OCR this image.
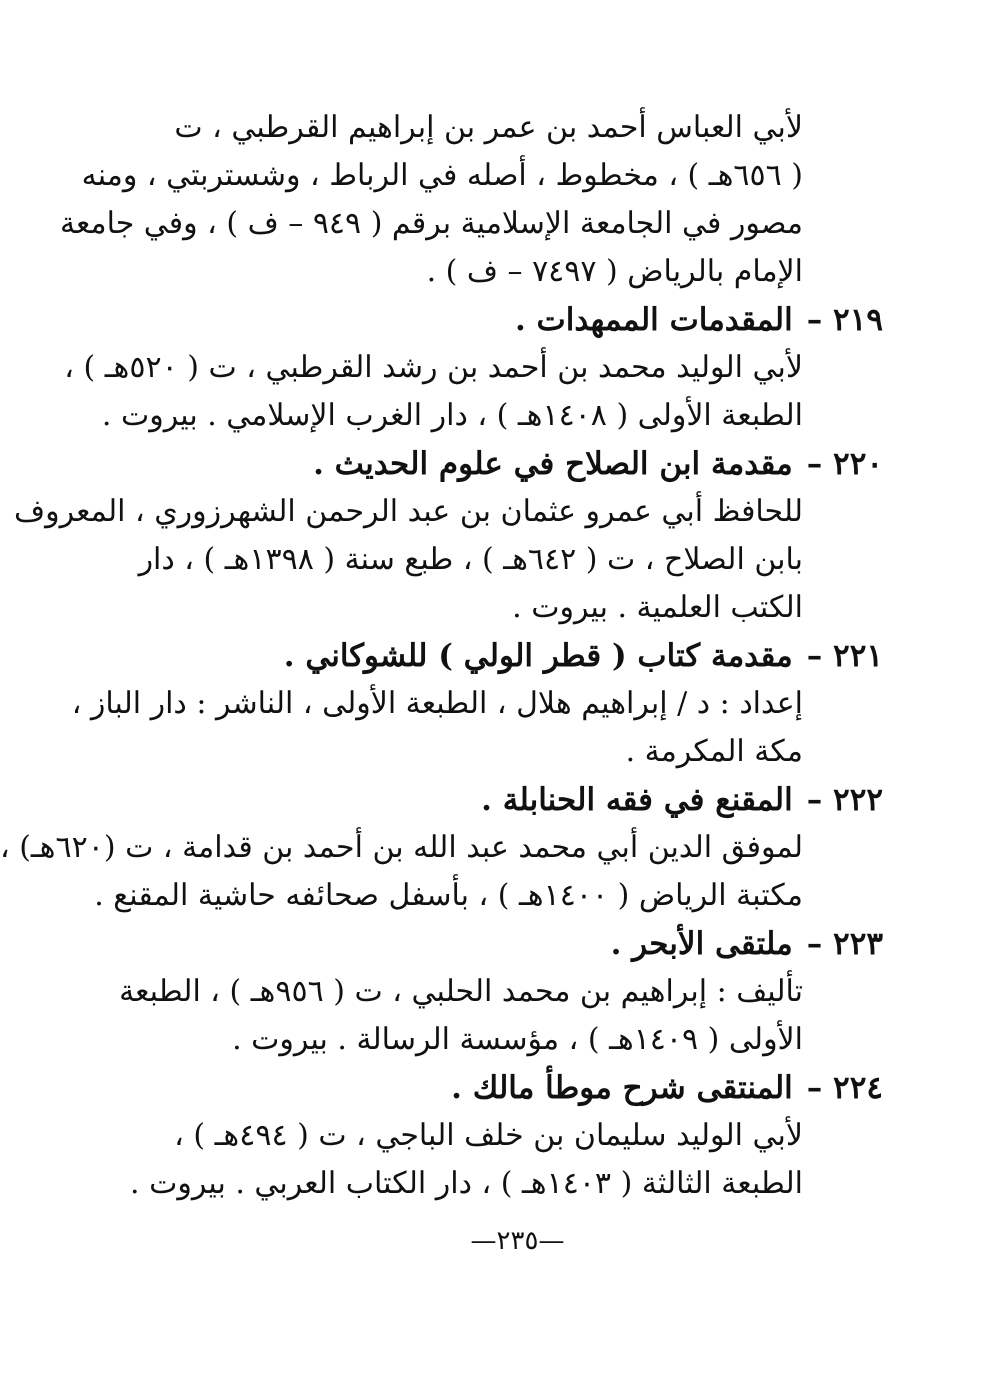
لأبي العباس أحمد بن عمر بن إبراهيم القرطبي ، ت
( ٦٥٦هـ ) ، مخطوط ، أصله في الرباط ، وشستربتي ، ومنه
مصور في الجامعة الإسلامية برقم ( ٩٤٩ – ف ) ، وفي جامعة
الإمام بالرياض ( ٧٤٩٧ – ف ) .
٢١٩ –المقدمات الممهدات .
لأبي الوليد محمد بن أحمد بن رشد القرطبي ، ت ( ٥٢٠هـ ) ،
الطبعة الأولى ( ١٤٠٨هـ ) ، دار الغرب الإسلامي . بيروت .
٢٢٠ –مقدمة ابن الصلاح في علوم الحديث .
للحافظ أبي عمرو عثمان بن عبد الرحمن الشهرزوري ، المعروف
بابن الصلاح ، ت ( ٦٤٢هـ ) ، طبع سنة ( ١٣٩٨هـ ) ، دار
الكتب العلمية . بيروت .
٢٢١ –مقدمة كتاب ( قطر الولي ) للشوكاني .
إعداد : د / إبراهيم هلال ، الطبعة الأولى ، الناشر : دار الباز ،
مكة المكرمة .
٢٢٢ –المقنع في فقه الحنابلة .
لموفق الدين أبي محمد عبد الله بن أحمد بن قدامة ، ت (٦٢٠هـ) ،
مكتبة الرياض ( ١٤٠٠هـ ) ، بأسفل صحائفه حاشية المقنع .
٢٢٣ –ملتقى الأبحر .
تأليف : إبراهيم بن محمد الحلبي ، ت ( ٩٥٦هـ ) ، الطبعة
الأولى ( ١٤٠٩هـ ) ، مؤسسة الرسالة . بيروت .
٢٢٤ –المنتقى شرح موطأ مالك .
لأبي الوليد سليمان بن خلف الباجي ، ت ( ٤٩٤هـ ) ،
الطبعة الثالثة ( ١٤٠٣هـ ) ، دار الكتاب العربي . بيروت .
—٢٣٥—
